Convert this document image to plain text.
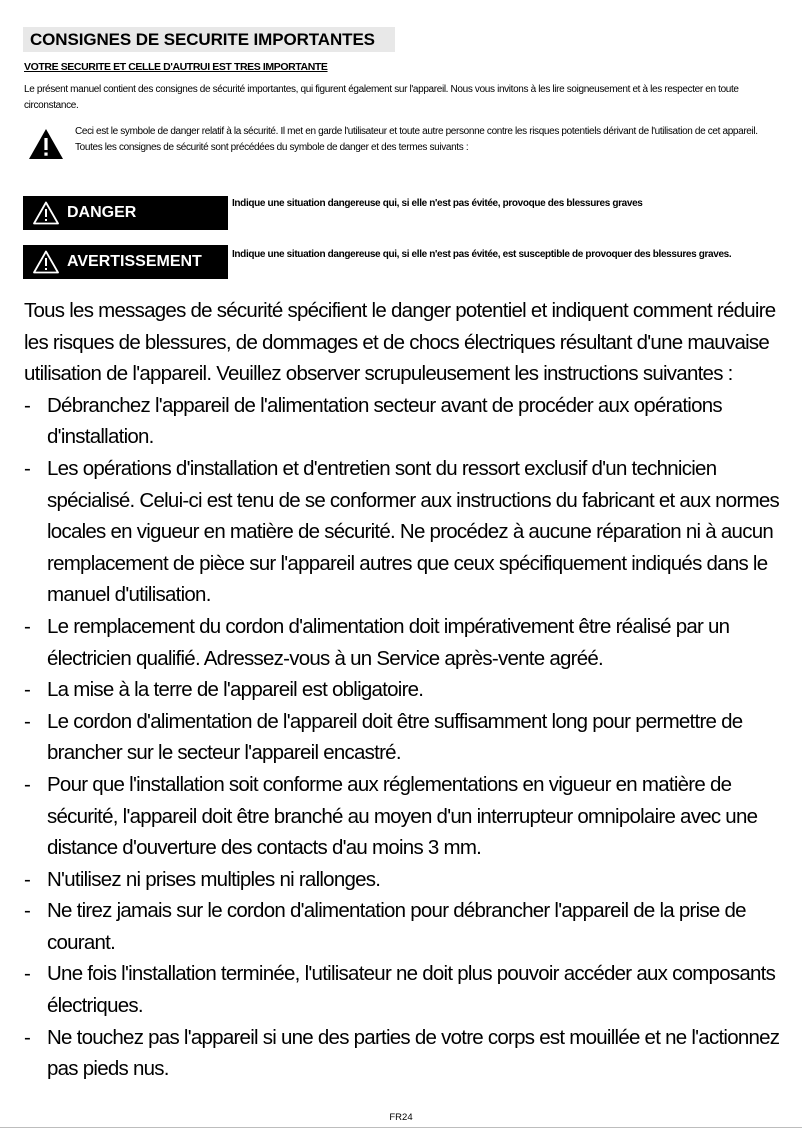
CONSIGNES DE SECURITE IMPORTANTES
VOTRE SECURITE ET CELLE D'AUTRUI EST TRES IMPORTANTE
Le présent manuel contient des consignes de sécurité importantes, qui figurent également sur l'appareil. Nous vous invitons à les lire soigneusement et à les respecter en toute circonstance.

Ceci est le symbole de danger relatif à la sécurité. Il met en garde l'utilisateur et toute autre personne contre les risques potentiels dérivant de l'utilisation de cet appareil.

Toutes les consignes de sécurité sont précédées du symbole de danger et des termes suivants :

DANGER
Indique une situation dangereuse qui, si elle n'est pas évitée, provoque des blessures graves
AVERTISSEMENT	Indique une situation dangereuse qui, si elle n'est pas évitée, est susceptible de provoquer des blessures graves.

Tous les messages de sécurité spécifient le danger potentiel et indiquent comment réduire les risques de blessures, de dommages et de chocs électriques résultant d'une mauvaise utilisation de l'appareil. Veuillez observer scrupuleusement les instructions suivantes :

- Débranchez l'appareil de l'alimentation secteur avant de procéder aux opérations d'installation.
- Les opérations d'installation et d'entretien sont du ressort exclusif d'un technicien spécialisé. Celui-ci est tenu de se conformer aux instructions du fabricant et aux normes locales en vigueur en matière de sécurité. Ne procédez à aucune réparation ni à aucun remplacement de pièce sur l'appareil autres que ceux spécifiquement indiqués dans le manuel d'utilisation.
- Le remplacement du cordon d'alimentation doit impérativement être réalisé par un électricien qualifié. Adressez-vous à un Service après-vente agréé.
- La mise à la terre de l'appareil est obligatoire.
- Le cordon d'alimentation de l'appareil doit être suffisamment long pour permettre de brancher sur le secteur l'appareil encastré.
- Pour que l'installation soit conforme aux réglementations en vigueur en matière de sécurité, l'appareil doit être branché au moyen d'un interrupteur omnipolaire avec une distance d'ouverture des contacts d'au moins 3 mm.
- N'utilisez ni prises multiples ni rallonges.
- Ne tirez jamais sur le cordon d'alimentation pour débrancher l'appareil de la prise de courant.
- Une fois l'installation terminée, l'utilisateur ne doit plus pouvoir accéder aux composants électriques.
- Ne touchez pas l'appareil si une des parties de votre corps est mouillée et ne l'actionnez pas pieds nus.
FR24
